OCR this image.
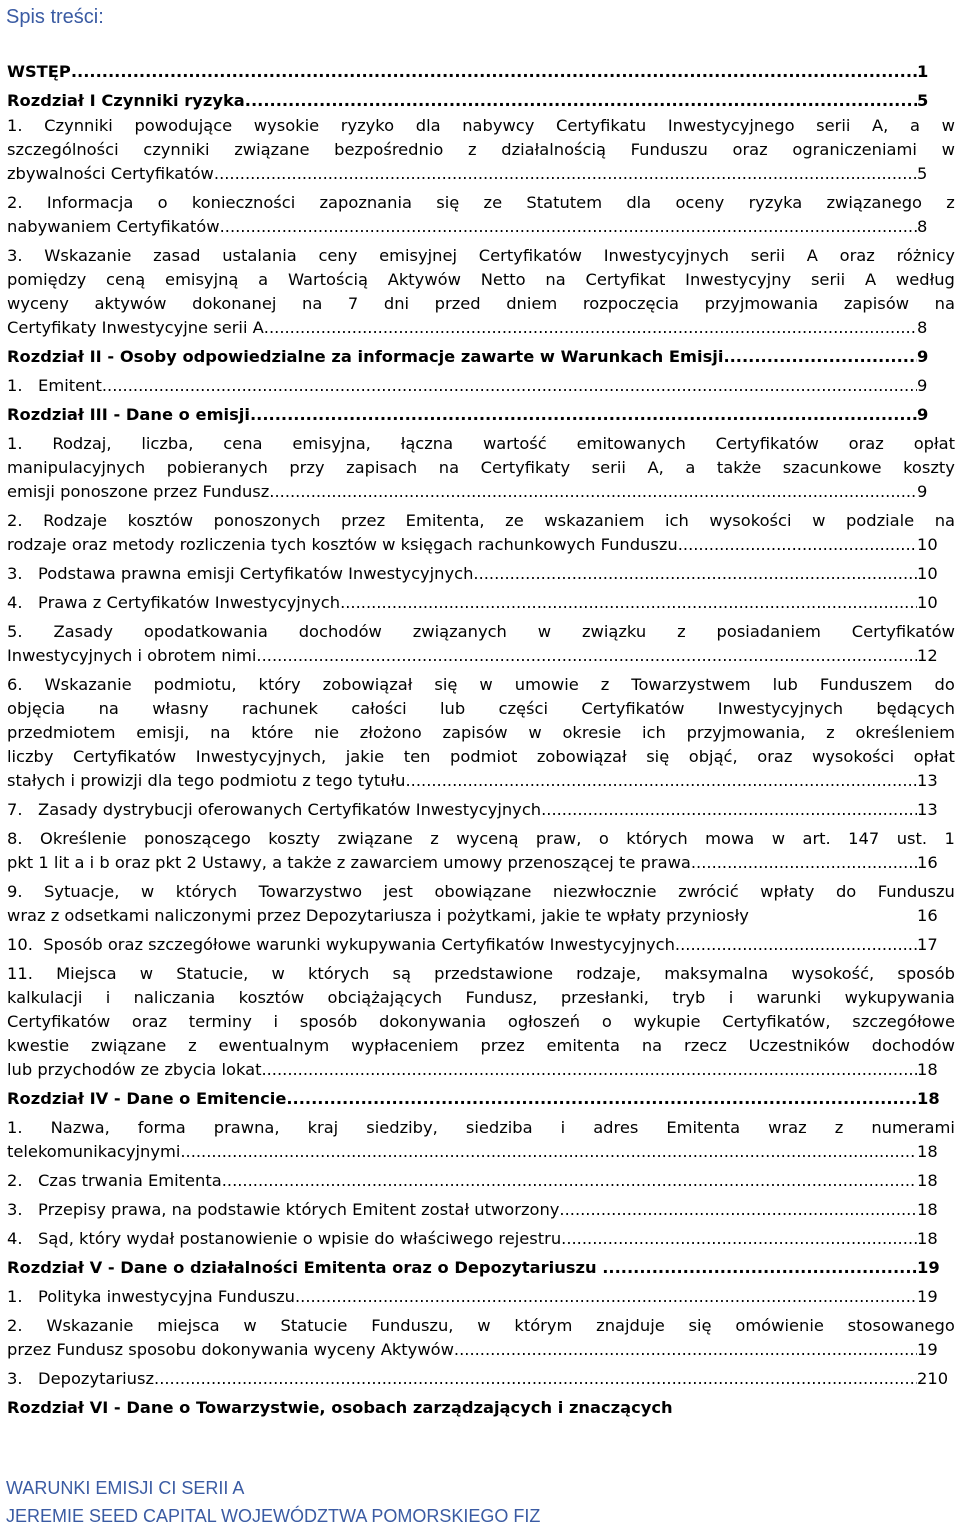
Spis treści:
WSTĘP .....	1
Rozdział I Czynniki ryzyka .....	5
1. Czynniki powodujące wysokie ryzyko dla nabywcy Certyfikatu Inwestycyjnego serii A, a w
szczególności czynniki związane bezpośrednio z działalnością Funduszu oraz ograniczeniami w
zbywalności Certyfikatów .....	5
2. Informacja o konieczności zapoznania się ze Statutem dla oceny ryzyka związanego z
nabywaniem Certyfikatów .....	8
3. Wskazanie zasad ustalania ceny emisyjnej Certyfikatów Inwestycyjnych serii A oraz różnicy
pomiędzy ceną emisyjną a Wartością Aktywów Netto na Certyfikat Inwestycyjny serii A według
wyceny aktywów dokonanej na 7 dni przed dniem rozpoczęcia przyjmowania zapisów na
Certyfikaty Inwestycyjne serii A .....	8
Rozdział II - Osoby odpowiedzialne za informacje zawarte w Warunkach Emisji .....	9
1.   Emitent .....	9
Rozdział III - Dane o emisji .....	9
1. Rodzaj, liczba, cena emisyjna, łączna wartość emitowanych Certyfikatów oraz opłat
manipulacyjnych pobieranych przy zapisach na Certyfikaty serii A, a także szacunkowe koszty
emisji ponoszone przez Fundusz .....	9
2. Rodzaje kosztów ponoszonych przez Emitenta, ze wskazaniem ich wysokości w podziale na
rodzaje oraz metody rozliczenia tych kosztów w księgach rachunkowych Funduszu .....	10
3.   Podstawa prawna emisji Certyfikatów Inwestycyjnych .....	10
4.   Prawa z Certyfikatów Inwestycyjnych .....	10
5. Zasady opodatkowania dochodów związanych w związku z posiadaniem Certyfikatów
Inwestycyjnych i obrotem nimi .....	12
6. Wskazanie podmiotu, który zobowiązał się w umowie z Towarzystwem lub Funduszem do
objęcia na własny rachunek całości lub części Certyfikatów Inwestycyjnych będących
przedmiotem emisji, na które nie złożono zapisów w okresie ich przyjmowania, z określeniem
liczby Certyfikatów Inwestycyjnych, jakie ten podmiot zobowiązał się objąć, oraz wysokości opłat
stałych i prowizji dla tego podmiotu z tego tytułu .....	13
7.   Zasady dystrybucji oferowanych Certyfikatów Inwestycyjnych .....	13
8. Określenie ponoszącego koszty związane z wyceną praw, o których mowa w art. 147 ust. 1
pkt 1 lit a i b oraz pkt 2 Ustawy, a także z zawarciem umowy przenoszącej te prawa .....	16
9. Sytuacje, w których Towarzystwo jest obowiązane niezwłocznie zwrócić wpłaty do Funduszu
wraz z odsetkami naliczonymi przez Depozytariusza i pożytkami, jakie te wpłaty przyniosły	16
10.  Sposób oraz szczegółowe warunki wykupywania Certyfikatów Inwestycyjnych .....	17
11. Miejsca w Statucie, w których są przedstawione rodzaje, maksymalna wysokość, sposób
kalkulacji i naliczania kosztów obciążających Fundusz, przesłanki, tryb i warunki wykupywania
Certyfikatów oraz terminy i sposób dokonywania ogłoszeń o wykupie Certyfikatów, szczegółowe
kwestie związane z ewentualnym wypłaceniem przez emitenta na rzecz Uczestników dochodów
lub przychodów ze zbycia lokat .....	18
Rozdział IV - Dane o Emitencie .....	18
1. Nazwa, forma prawna, kraj siedziby, siedziba i adres Emitenta wraz z numerami
telekomunikacyjnymi .....	18
2.   Czas trwania Emitenta .....	18
3.   Przepisy prawa, na podstawie których Emitent został utworzony .....	18
4.   Sąd, który wydał postanowienie o wpisie do właściwego rejestru .....	18
Rozdział V - Dane o działalności Emitenta oraz o Depozytariuszu .....	19
1.   Polityka inwestycyjna Funduszu .....	19
2. Wskazanie miejsca w Statucie Funduszu, w którym znajduje się omówienie stosowanego
przez Fundusz sposobu dokonywania wyceny Aktywów .....	19
3.   Depozytariusz .....	210
Rozdział VI - Dane o Towarzystwie, osobach zarządzających i znaczących
WARUNKI EMISJI CI SERII A
JEREMIE SEED CAPITAL WOJEWÓDZTWA POMORSKIEGO FIZ
